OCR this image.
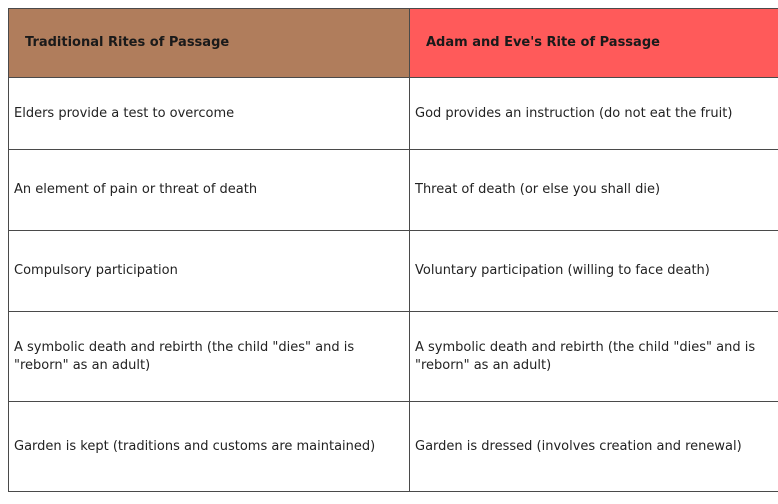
Traditional Rites of Passage	Adam and Eve's Rite of Passage
Elders provide a test to overcome	God provides an instruction (do not eat the fruit)
An element of pain or threat of death	Threat of death (or else you shall die)
Compulsory participation	Voluntary participation (willing to face death)
A symbolic death and rebirth (the child "dies" and is "reborn" as an adult)	A symbolic death and rebirth (the child "dies" and is "reborn" as an adult)
Garden is kept (traditions and customs are maintained)	Garden is dressed (involves creation and renewal)
